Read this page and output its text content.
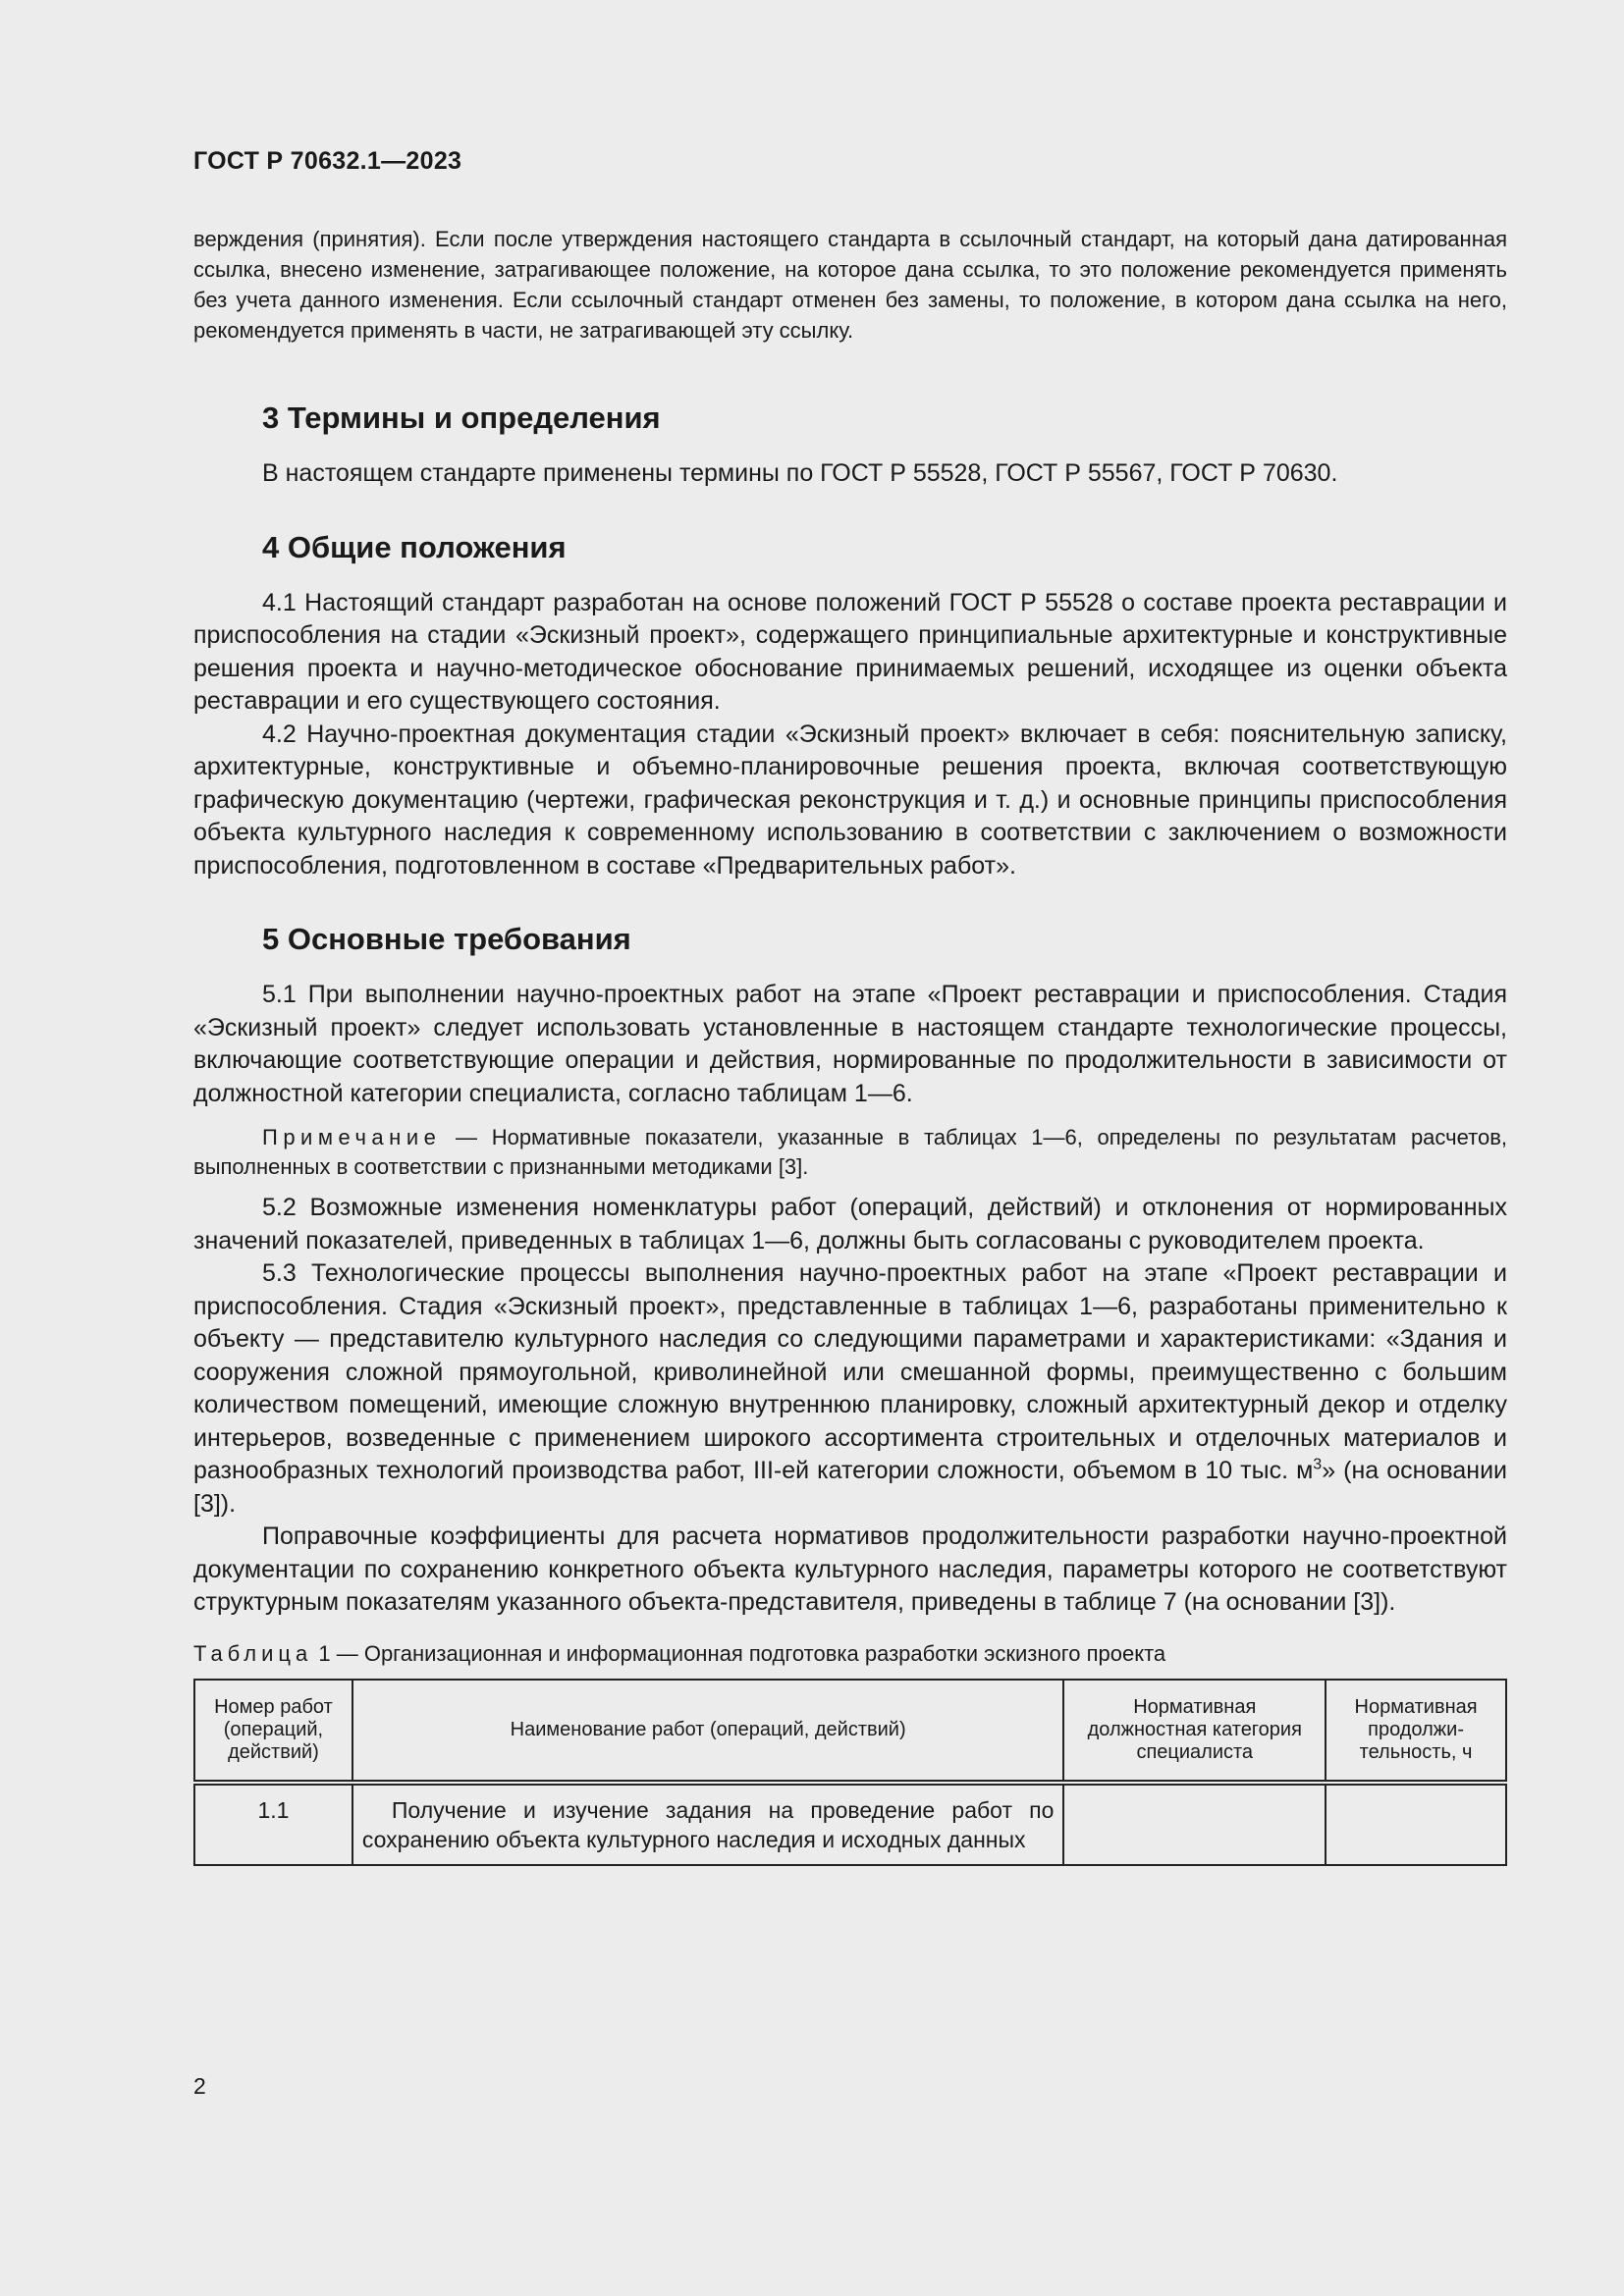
ГОСТ Р 70632.1—2023

верждения (принятия). Если после утверждения настоящего стандарта в ссылочный стандарт, на который дана датированная ссылка, внесено изменение, затрагивающее положение, на которое дана ссылка, то это положение рекомендуется применять без учета данного изменения. Если ссылочный стандарт отменен без замены, то положение, в котором дана ссылка на него, рекомендуется применять в части, не затрагивающей эту ссылку.

3 Термины и определения

В настоящем стандарте применены термины по ГОСТ Р 55528, ГОСТ Р 55567, ГОСТ Р 70630.

4 Общие положения

4.1 Настоящий стандарт разработан на основе положений ГОСТ Р 55528 о составе проекта реставрации и приспособления на стадии «Эскизный проект», содержащего принципиальные архитектурные и конструктивные решения проекта и научно-методическое обоснование принимаемых решений, исходящее из оценки объекта реставрации и его существующего состояния.

4.2 Научно-проектная документация стадии «Эскизный проект» включает в себя: пояснительную записку, архитектурные, конструктивные и объемно-планировочные решения проекта, включая соответствующую графическую документацию (чертежи, графическая реконструкция и т. д.) и основные принципы приспособления объекта культурного наследия к современному использованию в соответствии с заключением о возможности приспособления, подготовленном в составе «Предварительных работ».

5 Основные требования

5.1 При выполнении научно-проектных работ на этапе «Проект реставрации и приспособления. Стадия «Эскизный проект» следует использовать установленные в настоящем стандарте технологические процессы, включающие соответствующие операции и действия, нормированные по продолжительности в зависимости от должностной категории специалиста, согласно таблицам 1—6.

Примечание — Нормативные показатели, указанные в таблицах 1—6, определены по результатам расчетов, выполненных в соответствии с признанными методиками [3].

5.2 Возможные изменения номенклатуры работ (операций, действий) и отклонения от нормированных значений показателей, приведенных в таблицах 1—6, должны быть согласованы с руководителем проекта.

5.3 Технологические процессы выполнения научно-проектных работ на этапе «Проект реставрации и приспособления. Стадия «Эскизный проект», представленные в таблицах 1—6, разработаны применительно к объекту — представителю культурного наследия со следующими параметрами и характеристиками: «Здания и сооружения сложной прямоугольной, криволинейной или смешанной формы, преимущественно с большим количеством помещений, имеющие сложную внутреннюю планировку, сложный архитектурный декор и отделку интерьеров, возведенные с применением широкого ассортимента строительных и отделочных материалов и разнообразных технологий производства работ, III-ей категории сложности, объемом в 10 тыс. $м^3$» (на основании [3]).

Поправочные коэффициенты для расчета нормативов продолжительности разработки научно-проектной документации по сохранению конкретного объекта культурного наследия, параметры которого не соответствуют структурным показателям указанного объекта-представителя, приведены в таблице 7 (на основании [3]).

Таблица 1 — Организационная и информационная подготовка разработки эскизного проекта
Номер работ (операций, действий)	Наименование работ (операций, действий)	Нормативная должностная категория специалиста	Нормативная продолжи-тельность, ч
1.1	Получение и изучение задания на проведение работ по сохранению объекта культурного наследия и исходных данных		
2
